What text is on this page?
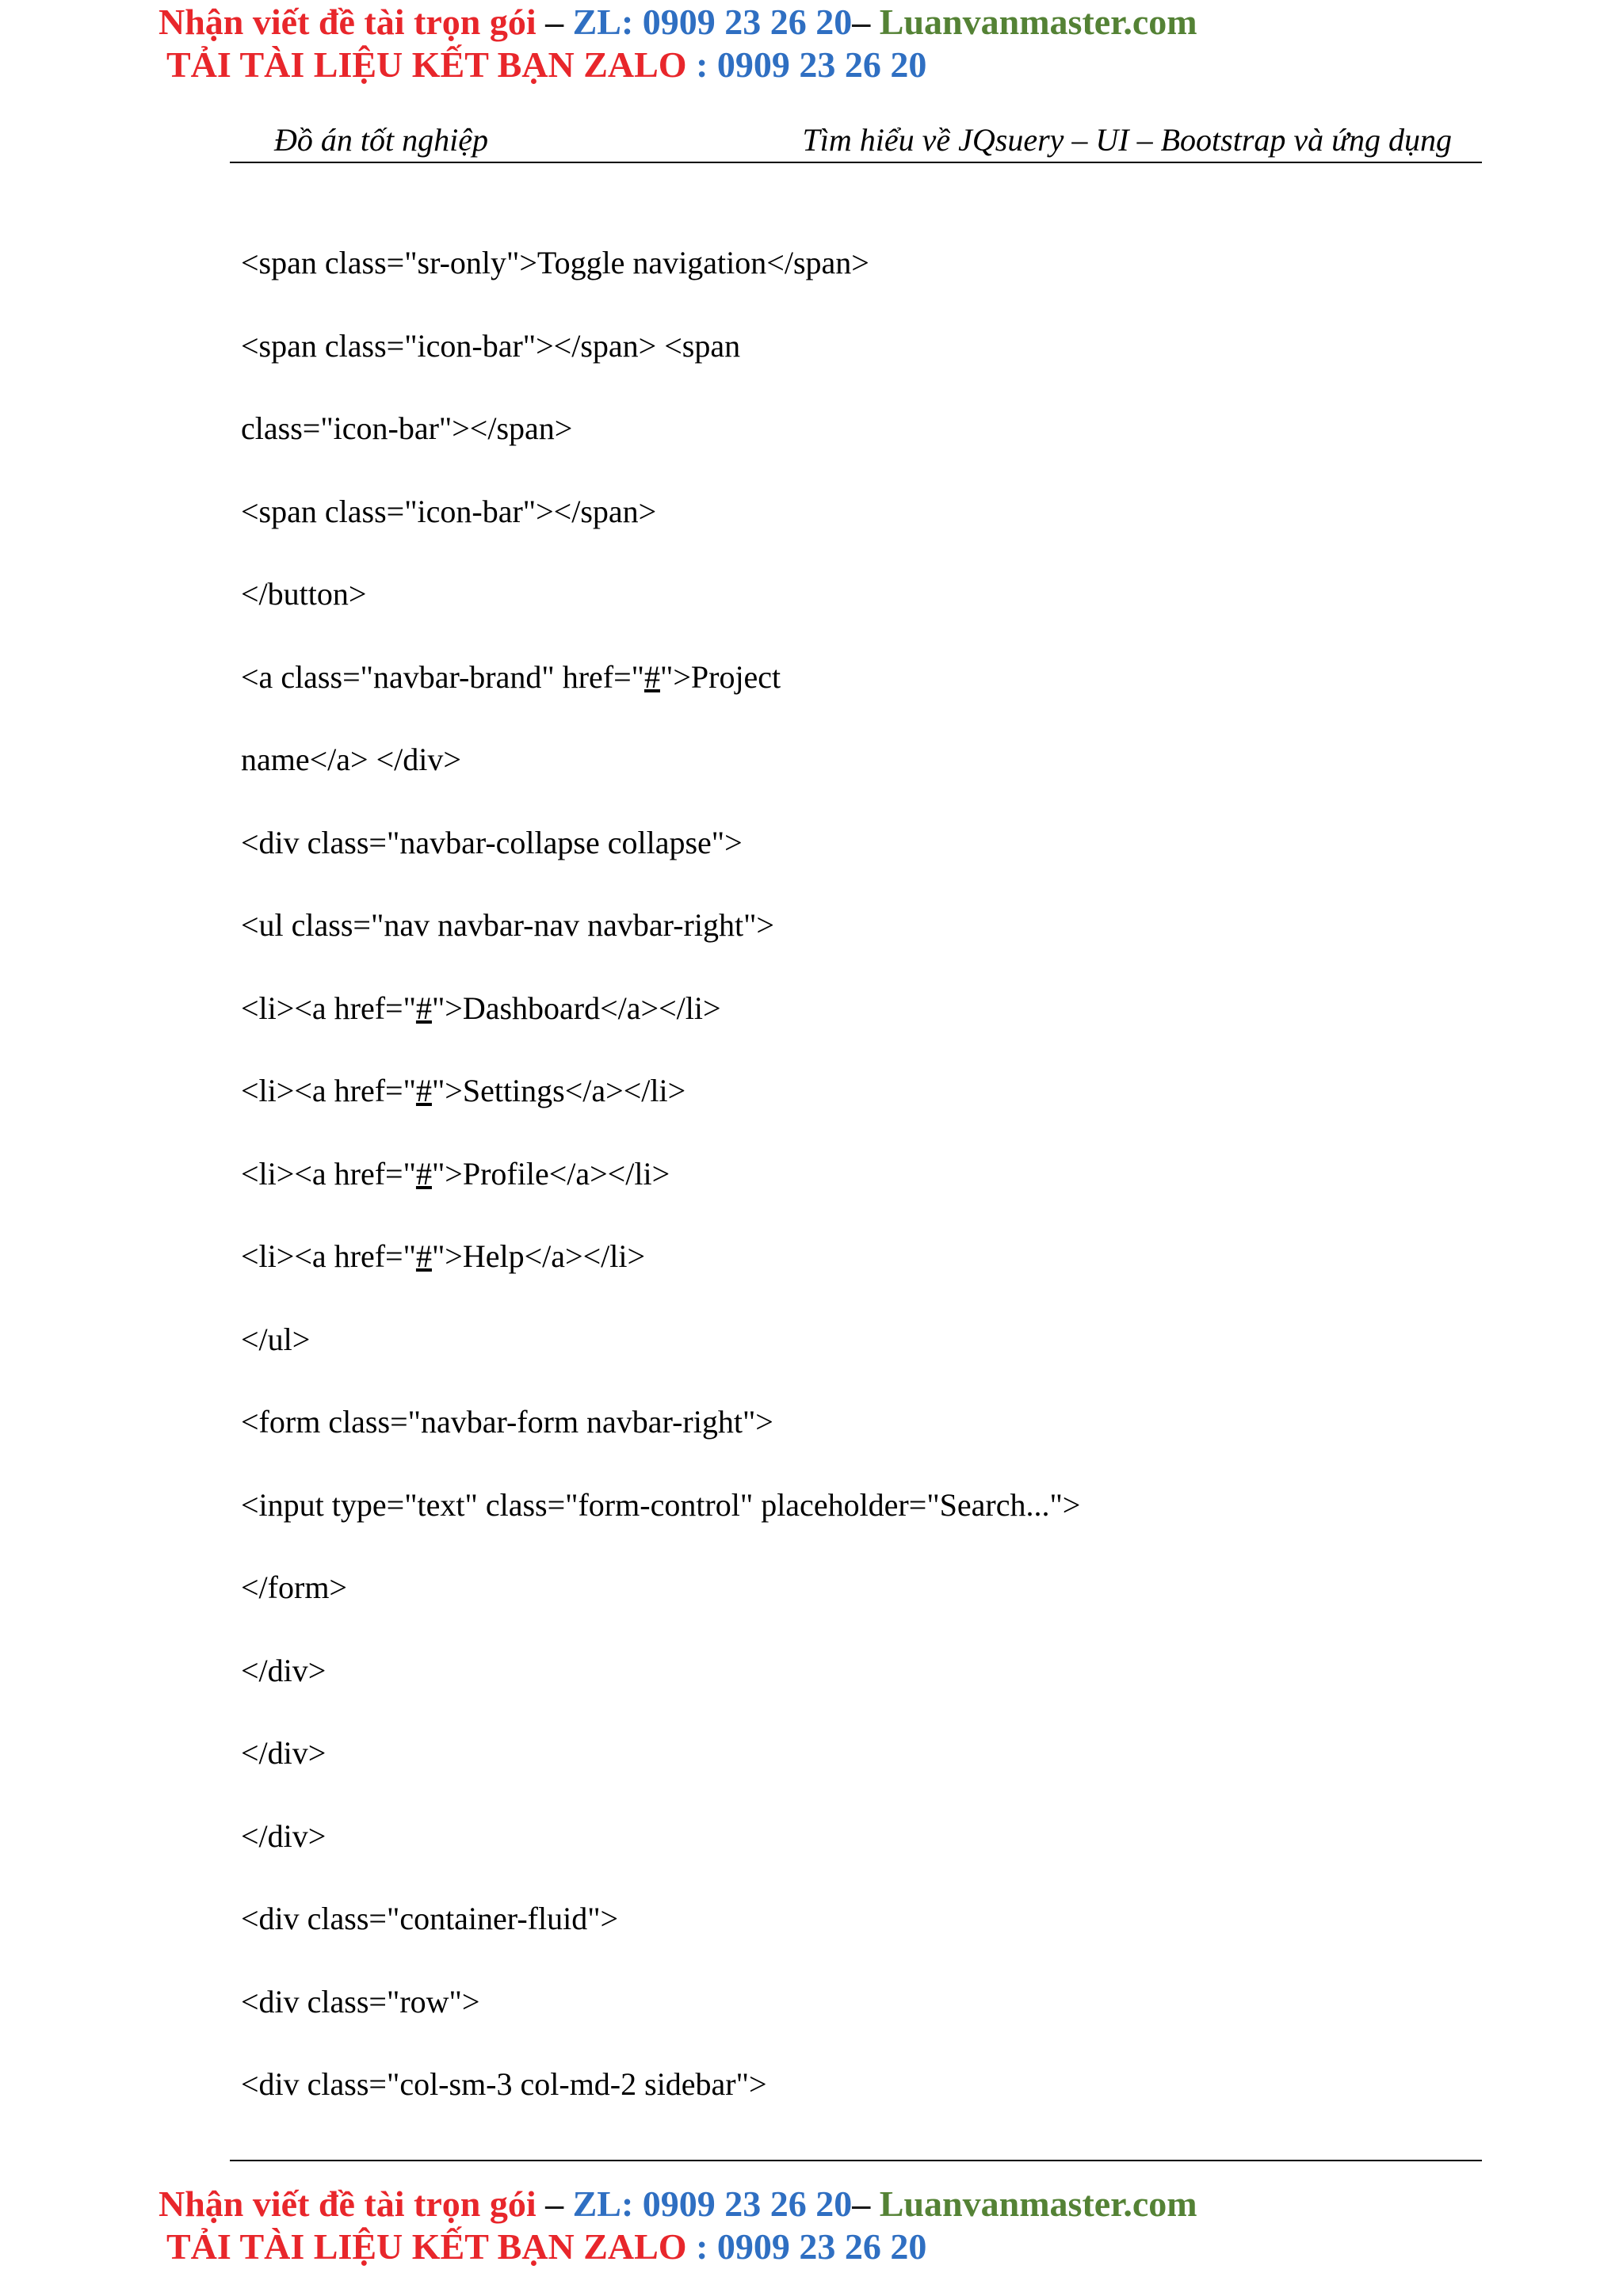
Nhận viết đề tài trọn gói – ZL: 0909 23 26 20– Luanvanmaster.com
TẢI TÀI LIỆU KẾT BẠN ZALO : 0909 23 26 20
Đồ án tốt nghiệp	Tìm hiểu về JQsuery – UI – Bootstrap và ứng dụng
<span class="sr-only">Toggle navigation</span>
<span class="icon-bar"></span> <span
class="icon-bar"></span>
<span class="icon-bar"></span>
</button>
<a class="navbar-brand" href="#">Project
name</a> </div>
<div class="navbar-collapse collapse">
<ul class="nav navbar-nav navbar-right">
<li><a href="#">Dashboard</a></li>
<li><a href="#">Settings</a></li>
<li><a href="#">Profile</a></li>
<li><a href="#">Help</a></li>
</ul>
<form class="navbar-form navbar-right">
<input type="text" class="form-control" placeholder="Search...">
</form>
</div>
</div>
</div>
<div class="container-fluid">
<div class="row">
<div class="col-sm-3 col-md-2 sidebar">
Nhận viết đề tài trọn gói – ZL: 0909 23 26 20– Luanvanmaster.com
TẢI TÀI LIỆU KẾT BẠN ZALO : 0909 23 26 20
